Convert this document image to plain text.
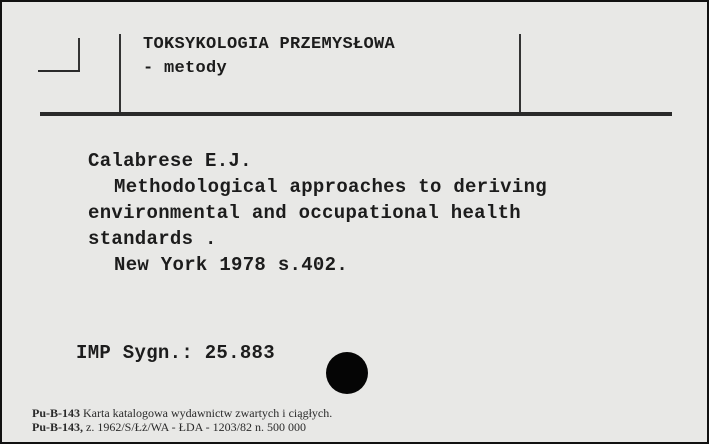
TOKSYKOLOGIA PRZEMYSŁOWA
- metody
Calabrese E.J.
Methodological approaches to deriving
environmental and occupational health
standards .
New York 1978 s.402.
IMP Sygn.: 25.883
Pu-B-143 Karta katalogowa wydawnictw zwartych i ciągłych.
Pu-B-143, z. 1962/S/Łż/WA - ŁDA - 1203/82 n. 500 000
